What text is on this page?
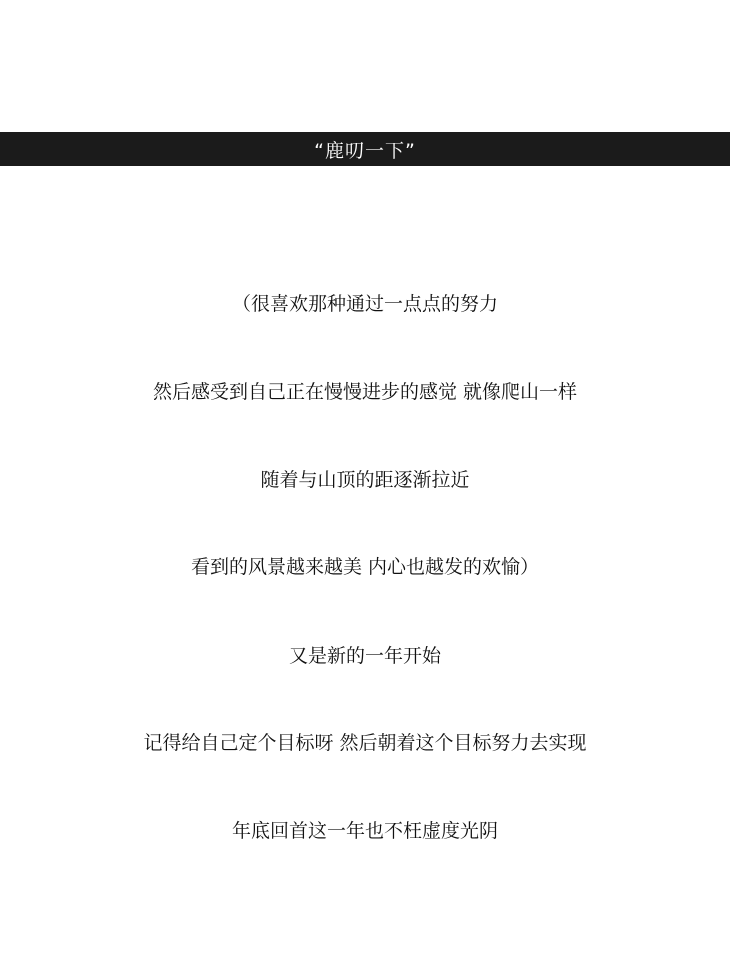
“鹿叨一下”
（很喜欢那种通过一点点的努力
然后感受到自己正在慢慢进步的感觉 就像爬山一样
随着与山顶的距逐渐拉近
看到的风景越来越美 内心也越发的欢愉）
又是新的一年开始
记得给自己定个目标呀 然后朝着这个目标努力去实现
年底回首这一年也不枉虚度光阴
